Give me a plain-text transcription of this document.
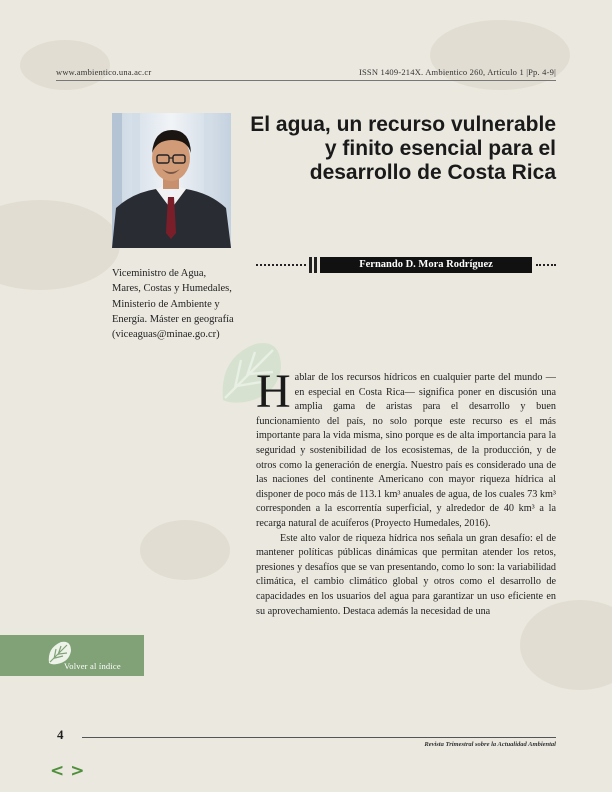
www.ambientico.una.ac.cr	ISSN 1409-214X. Ambientico 260, Artículo 1 |Pp. 4-9|
El agua, un recurso vulnerable y finito esencial para el desarrollo de Costa Rica
Fernando D. Mora Rodríguez

Viceministro de Agua, Mares, Costas y Humedales, Ministerio de Ambiente y Energía. Máster en geografía (viceaguas@minae.go.cr)

Hablar de los recursos hídricos en cualquier parte del mundo —en especial en Costa Rica— significa poner en discusión una amplia gama de aristas para el desarrollo y buen funcionamiento del país, no solo porque este recurso es el más importante para la vida misma, sino porque es de alta importancia para la seguridad y sostenibilidad de los ecosistemas, de la producción, y de otros como la generación de energía. Nuestro país es considerado una de las naciones del continente Americano con mayor riqueza hídrica al disponer de poco más de 113.1 km³ anuales de agua, de los cuales 73 km³ corresponden a la escorrentía superficial, y alrededor de 40 km³ a la recarga natural de acuíferos (Proyecto Humedales, 2016).

Este alto valor de riqueza hídrica nos señala un gran desafío: el de mantener políticas públicas dinámicas que permitan atender los retos, presiones y desafíos que se van presentando, como lo son: la variabilidad climática, el cambio climático global y otros como el desarrollo de capacidades en los usuarios del agua para garantizar un uso eficiente en su aprovechamiento. Destaca además la necesidad de una

Volver al índice
4
Revista Trimestral sobre la Actualidad Ambiental
< >
